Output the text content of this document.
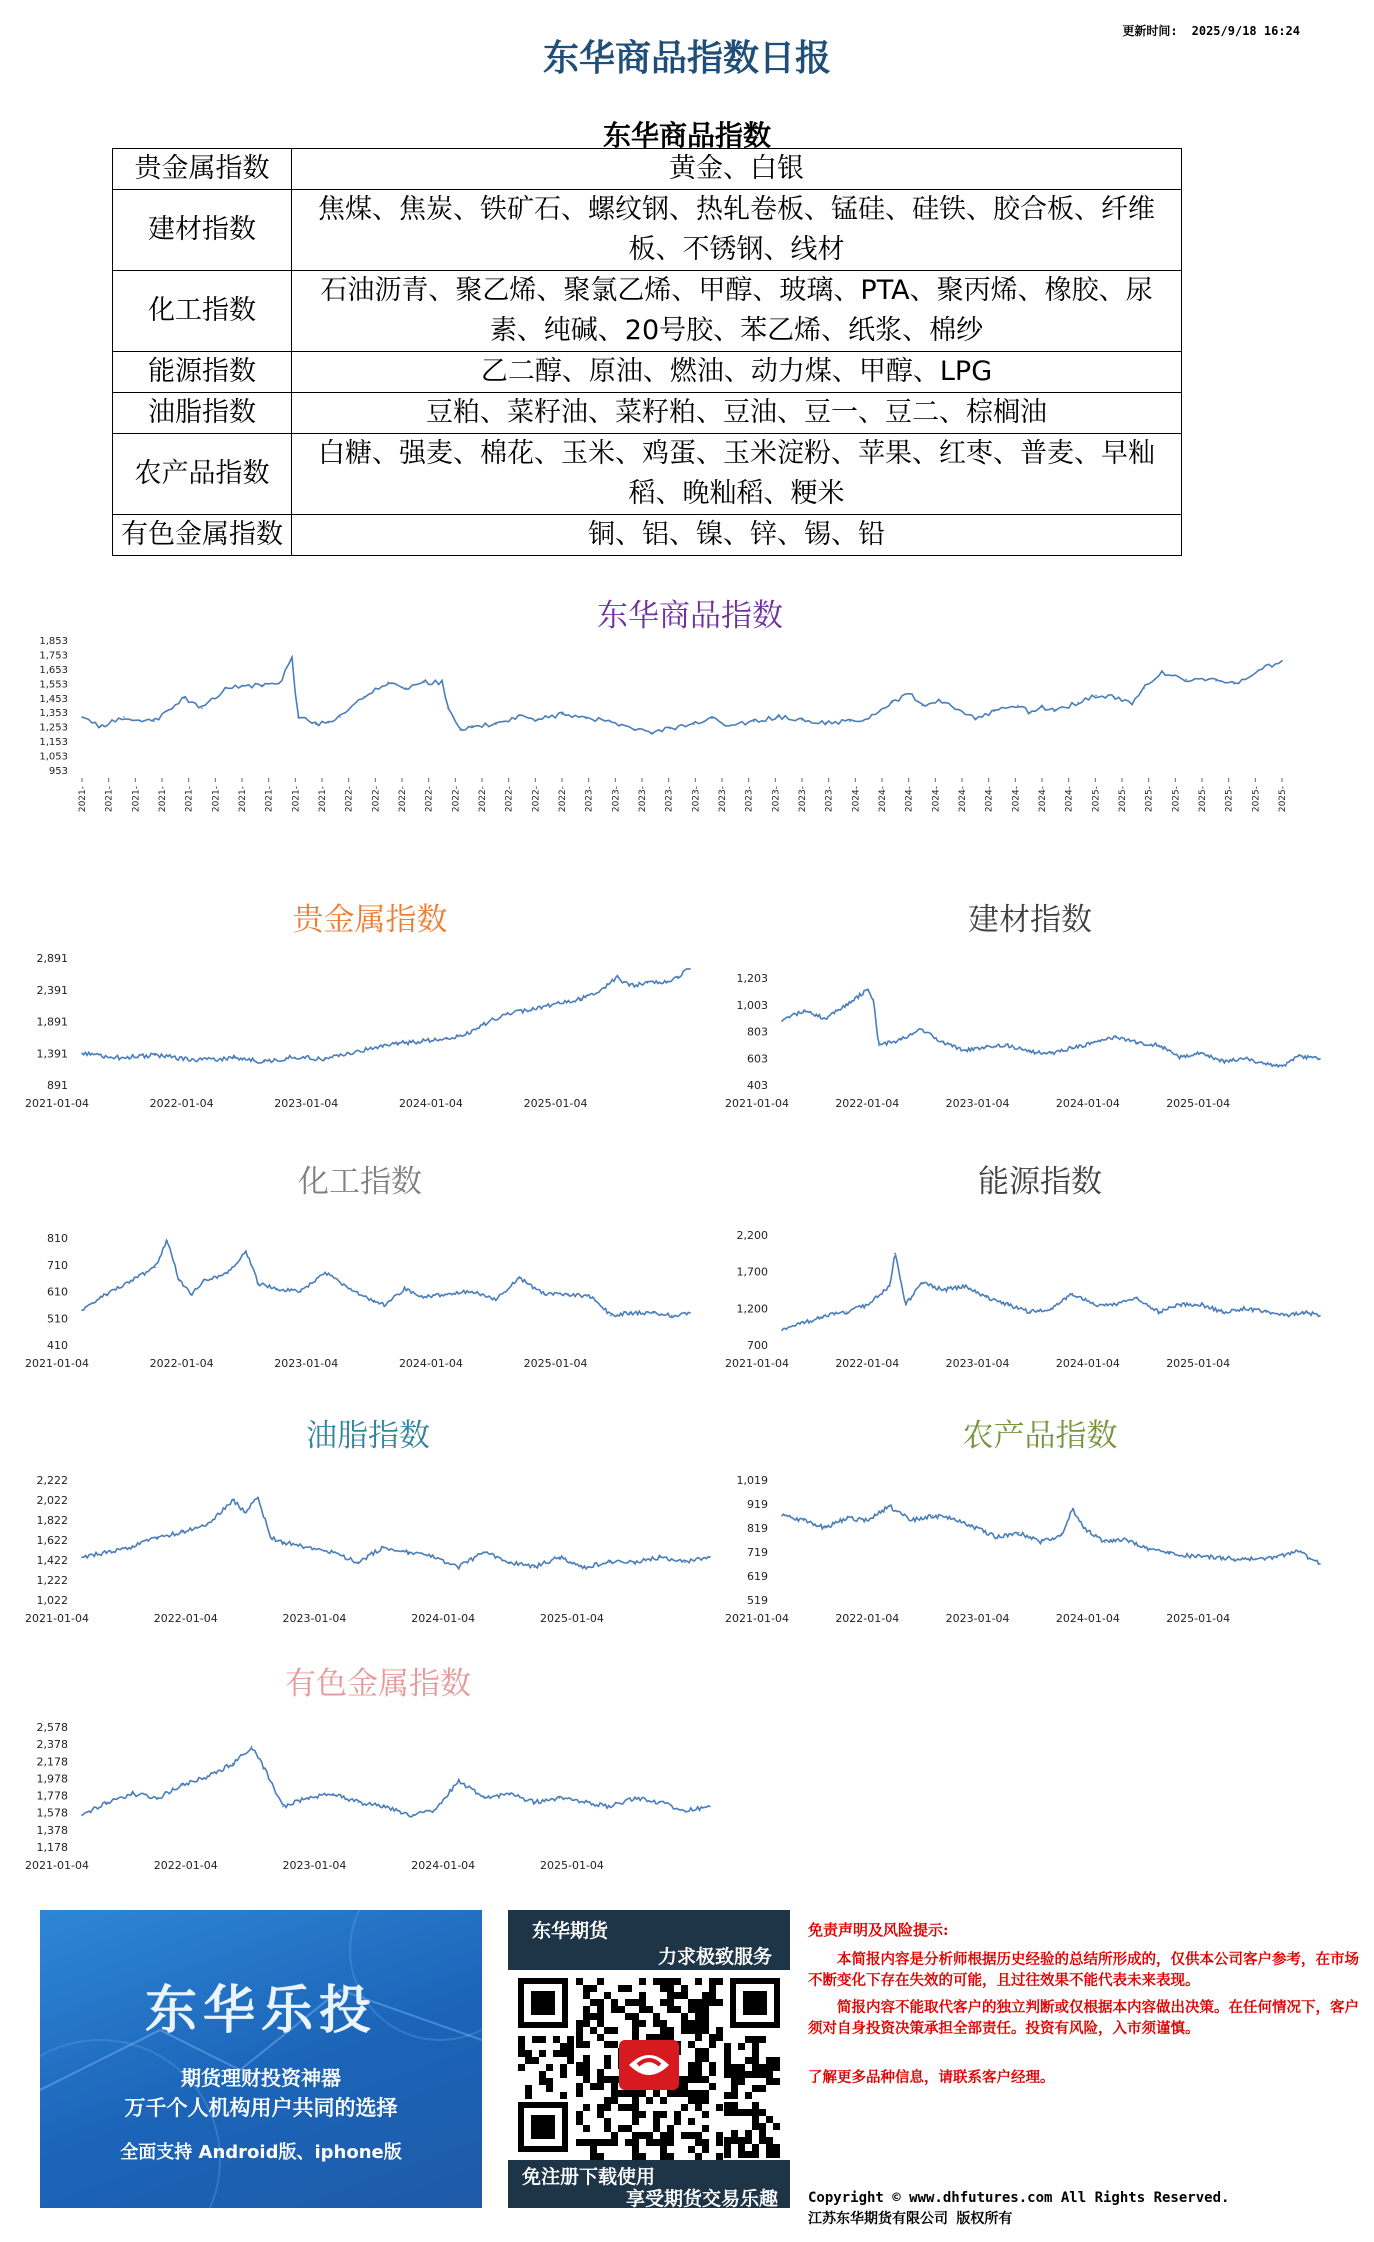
东华商品指数日报
更新时间: 2025/9/18 16:24
东华商品指数
贵金属指数	黄金、白银
建材指数	焦煤、焦炭、铁矿石、螺纹钢、热轧卷板、锰硅、硅铁、胶合板、纤维板、不锈钢、线材
化工指数	石油沥青、聚乙烯、聚氯乙烯、甲醇、玻璃、PTA、聚丙烯、橡胶、尿素、纯碱、20号胶、苯乙烯、纸浆、棉纱
能源指数	乙二醇、原油、燃油、动力煤、甲醇、LPG
油脂指数	豆粕、菜籽油、菜籽粕、豆油、豆一、豆二、棕榈油
农产品指数	白糖、强麦、棉花、玉米、鸡蛋、玉米淀粉、苹果、红枣、普麦、早籼稻、晚籼稻、粳米
有色金属指数	铜、铝、镍、锌、锡、铅
东华商品指数
贵金属指数	建材指数
化工指数	能源指数
油脂指数	农产品指数
有色金属指数
953
1,053
1,153
1,253
1,353
1,453
1,553
1,653
1,753
1,853
2021- 2021- 2021- 2021- 2021- 2021- 2021- 2021- 2021- 2021- 2022- 2022- 2022- 2022- 2022- 2022- 2022- 2022- 2022- 2023- 2023- 2023- 2023- 2023- 2023- 2023- 2023- 2023- 2023- 2024- 2024- 2024- 2024- 2024- 2024- 2024- 2024- 2024- 2025- 2025- 2025- 2025- 2025- 2025- 2025- 2025-
891
1,391
1,891
2,391
2,891
2021-01-04	2022-01-04	2023-01-04	2024-01-04	2025-01-04
403
603
803
1,003
1,203
2021-01-04	2022-01-04	2023-01-04	2024-01-04	2025-01-04
410
510
610
710
810
2021-01-04	2022-01-04	2023-01-04	2024-01-04	2025-01-04
700
1,200
1,700
2,200
2021-01-04	2022-01-04	2023-01-04	2024-01-04	2025-01-04
1,022
1,222
1,422
1,622
1,822
2,022
2,222
2021-01-04	2022-01-04	2023-01-04	2024-01-04	2025-01-04
519
619
719
819
919
1,019
2021-01-04	2022-01-04	2023-01-04	2024-01-04	2025-01-04
1,178
1,378
1,578
1,778
1,978
2,178
2,378
2,578
2021-01-04	2022-01-04	2023-01-04	2024-01-04	2025-01-04
东华乐投
期货理财投资神器
万千个人机构用户共同的选择
全面支持 Android版、iphone版
东华期货
力求极致服务
免注册下载使用
享受期货交易乐趣

免责声明及风险提示:

本简报内容是分析师根据历史经验的总结所形成的，仅供本公司客户参考，在市场不断变化下存在失效的可能，且过往效果不能代表未来表现。

简报内容不能取代客户的独立判断或仅根据本内容做出决策。在任何情况下，客户须对自身投资决策承担全部责任。投资有风险，入市须谨慎。

了解更多品种信息，请联系客户经理。

Copyright © www.dhfutures.com All Rights Reserved.
江苏东华期货有限公司 版权所有
